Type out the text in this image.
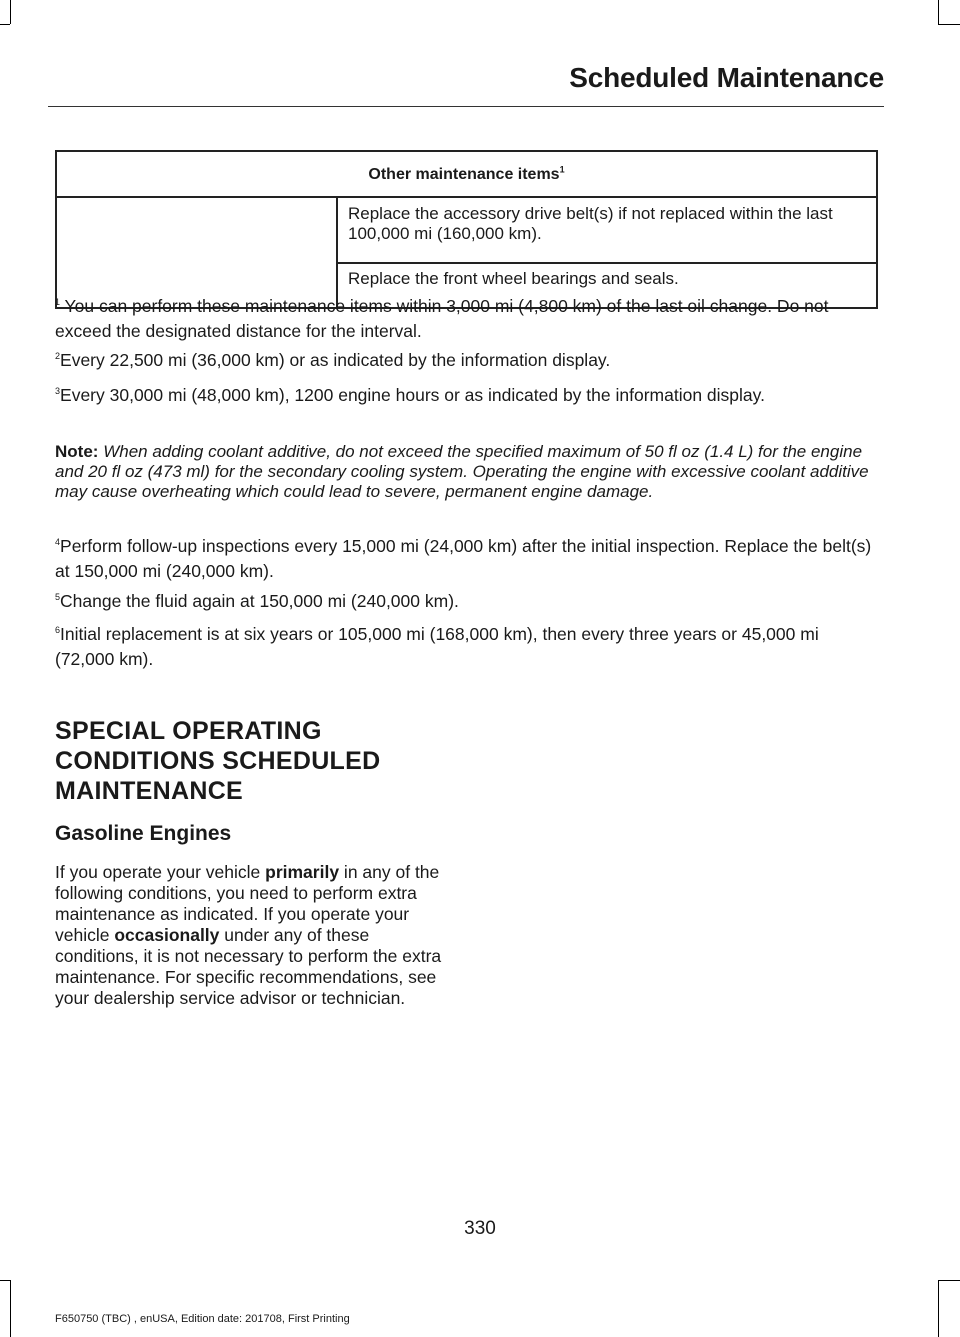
Scheduled Maintenance
Other maintenance items$^1$
	Replace the accessory drive belt(s) if not replaced within the last 100,000 mi (160,000 km).
Replace the front wheel bearings and seals.
$^1$ You can perform these maintenance items within 3,000 mi (4,800 km) of the last oil change. Do not exceed the designated distance for the interval.
$^2$Every 22,500 mi (36,000 km) or as indicated by the information display.
$^3$Every 30,000 mi (48,000 km), 1200 engine hours or as indicated by the information display.
Note: When adding coolant additive, do not exceed the specified maximum of 50 fl oz (1.4 L) for the engine and 20 fl oz (473 ml) for the secondary cooling system. Operating the engine with excessive coolant additive may cause overheating which could lead to severe, permanent engine damage.
$^4$Perform follow-up inspections every 15,000 mi (24,000 km) after the initial inspection. Replace the belt(s) at 150,000 mi (240,000 km).
$^5$Change the fluid again at 150,000 mi (240,000 km).
$^6$Initial replacement is at six years or 105,000 mi (168,000 km), then every three years or 45,000 mi (72,000 km).
SPECIAL OPERATING CONDITIONS SCHEDULED MAINTENANCE
Gasoline Engines
If you operate your vehicle primarily in any of the following conditions, you need to perform extra maintenance as indicated. If you operate your vehicle occasionally under any of these conditions, it is not necessary to perform the extra maintenance. For specific recommendations, see your dealership service advisor or technician.
330
F650750 (TBC) , enUSA, Edition date: 201708, First Printing
